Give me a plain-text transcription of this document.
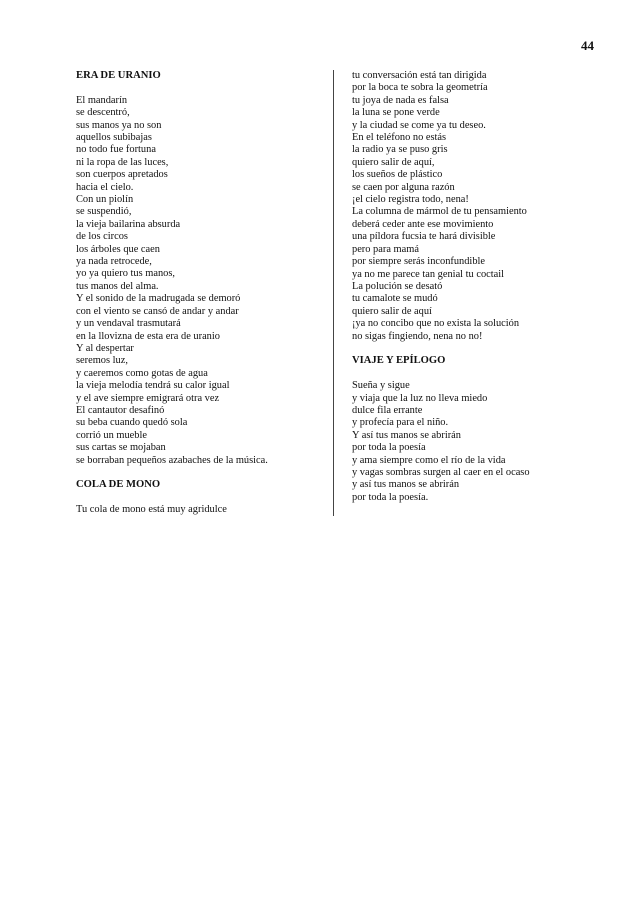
44
ERA DE URANIO
El mandarín
se descentró,
sus manos ya no son
aquellos subibajas
no todo fue fortuna
ni la ropa de las luces,
son cuerpos apretados
hacia el cielo.
Con un piolín
se suspendió,
la vieja bailarina absurda
de los circos
los árboles que caen
ya nada retrocede,
yo ya quiero tus manos,
tus manos del alma.
Y el sonido de la madrugada se demoró
con el viento se cansó de andar y andar
y un vendaval trasmutará
en la llovizna de esta era de uranio
Y al despertar
seremos luz,
y caeremos como gotas de agua
la vieja melodía tendrá su calor igual
y el ave siempre emigrará otra vez
El cantautor desafinó
su beba cuando quedó sola
corrió un mueble
sus cartas se mojaban
se borraban pequeños azabaches de la música.
COLA DE MONO
Tu cola de mono está muy agridulce
tu conversación está tan dirigida
por la boca te sobra la geometría
tu joya de nada es falsa
la luna se pone verde
y la ciudad se come ya tu deseo.
En el teléfono no estás
la radio ya se puso gris
quiero salir de aquí,
los sueños de plástico
se caen por alguna razón
¡el cielo registra todo, nena!
La columna de mármol de tu pensamiento
deberá ceder ante ese movimiento
una píldora fucsia te hará divisible
pero para mamá
por siempre serás inconfundible
ya no me parece tan genial tu coctail
La polución se desató
tu camalote se mudó
quiero salir de aquí
¡ya no concibo que no exista la solución
no sigas fingiendo, nena no no!
VIAJE Y EPÍLOGO
Sueña y sigue
y viaja que la luz no lleva miedo
dulce fila errante
y profecía para el niño.
Y así tus manos se abrirán
por toda la poesía
y ama siempre como el río de la vida
y vagas sombras surgen al caer en el ocaso
y así tus manos se abrirán
por toda la poesía.
